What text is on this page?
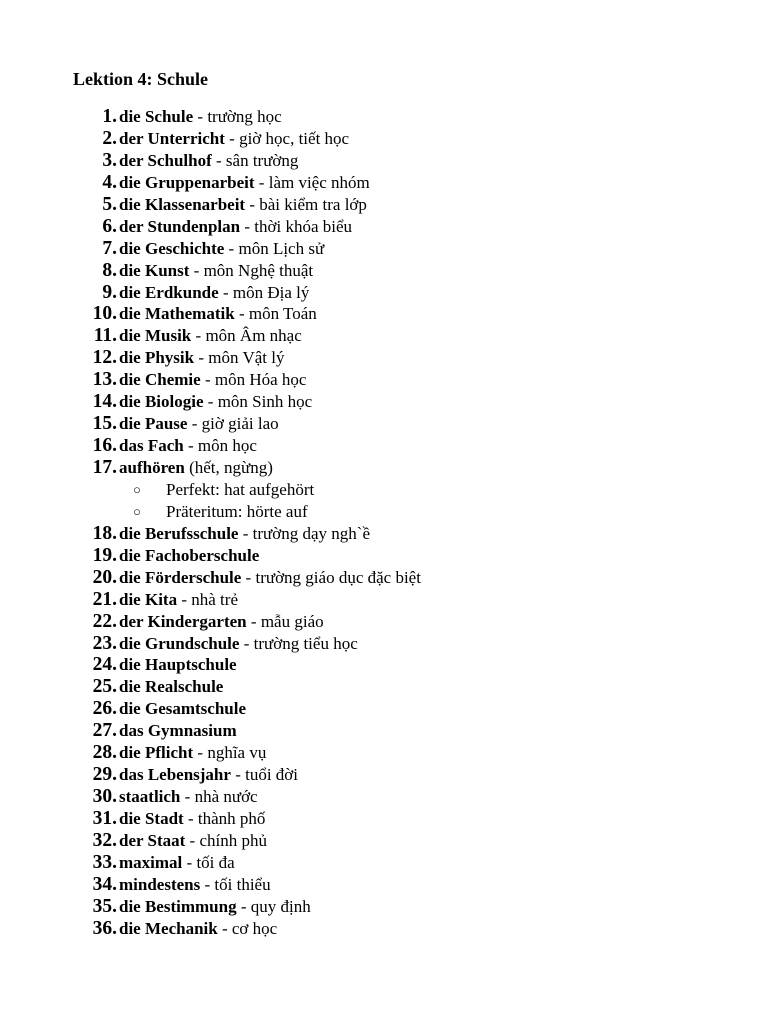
Lektion 4: Schule
1. die Schule - trường học
2. der Unterricht - giờ học, tiết học
3. der Schulhof - sân trường
4. die Gruppenarbeit - làm việc nhóm
5. die Klassenarbeit - bài kiểm tra lớp
6. der Stundenplan - thời khóa biểu
7. die Geschichte - môn Lịch sử
8. die Kunst - môn Nghệ thuật
9. die Erdkunde - môn Địa lý
10. die Mathematik - môn Toán
11. die Musik - môn Âm nhạc
12. die Physik - môn Vật lý
13. die Chemie - môn Hóa học
14. die Biologie - môn Sinh học
15. die Pause - giờ giải lao
16. das Fach - môn học
17. aufhören (hết, ngừng)
○ Perfekt: hat aufgehört
○ Präteritum: hörte auf
18. die Berufsschule - trường dạy ngh`ề
19. die Fachoberschule
20. die Förderschule - trường giáo dục đặc biệt
21. die Kita - nhà trẻ
22. der Kindergarten - mẫu giáo
23. die Grundschule - trường tiểu học
24. die Hauptschule
25. die Realschule
26. die Gesamtschule
27. das Gymnasium
28. die Pflicht - nghĩa vụ
29. das Lebensjahr - tuổi đời
30. staatlich - nhà nước
31. die Stadt - thành phố
32. der Staat - chính phủ
33. maximal - tối đa
34. mindestens - tối thiểu
35. die Bestimmung - quy định
36. die Mechanik - cơ học
